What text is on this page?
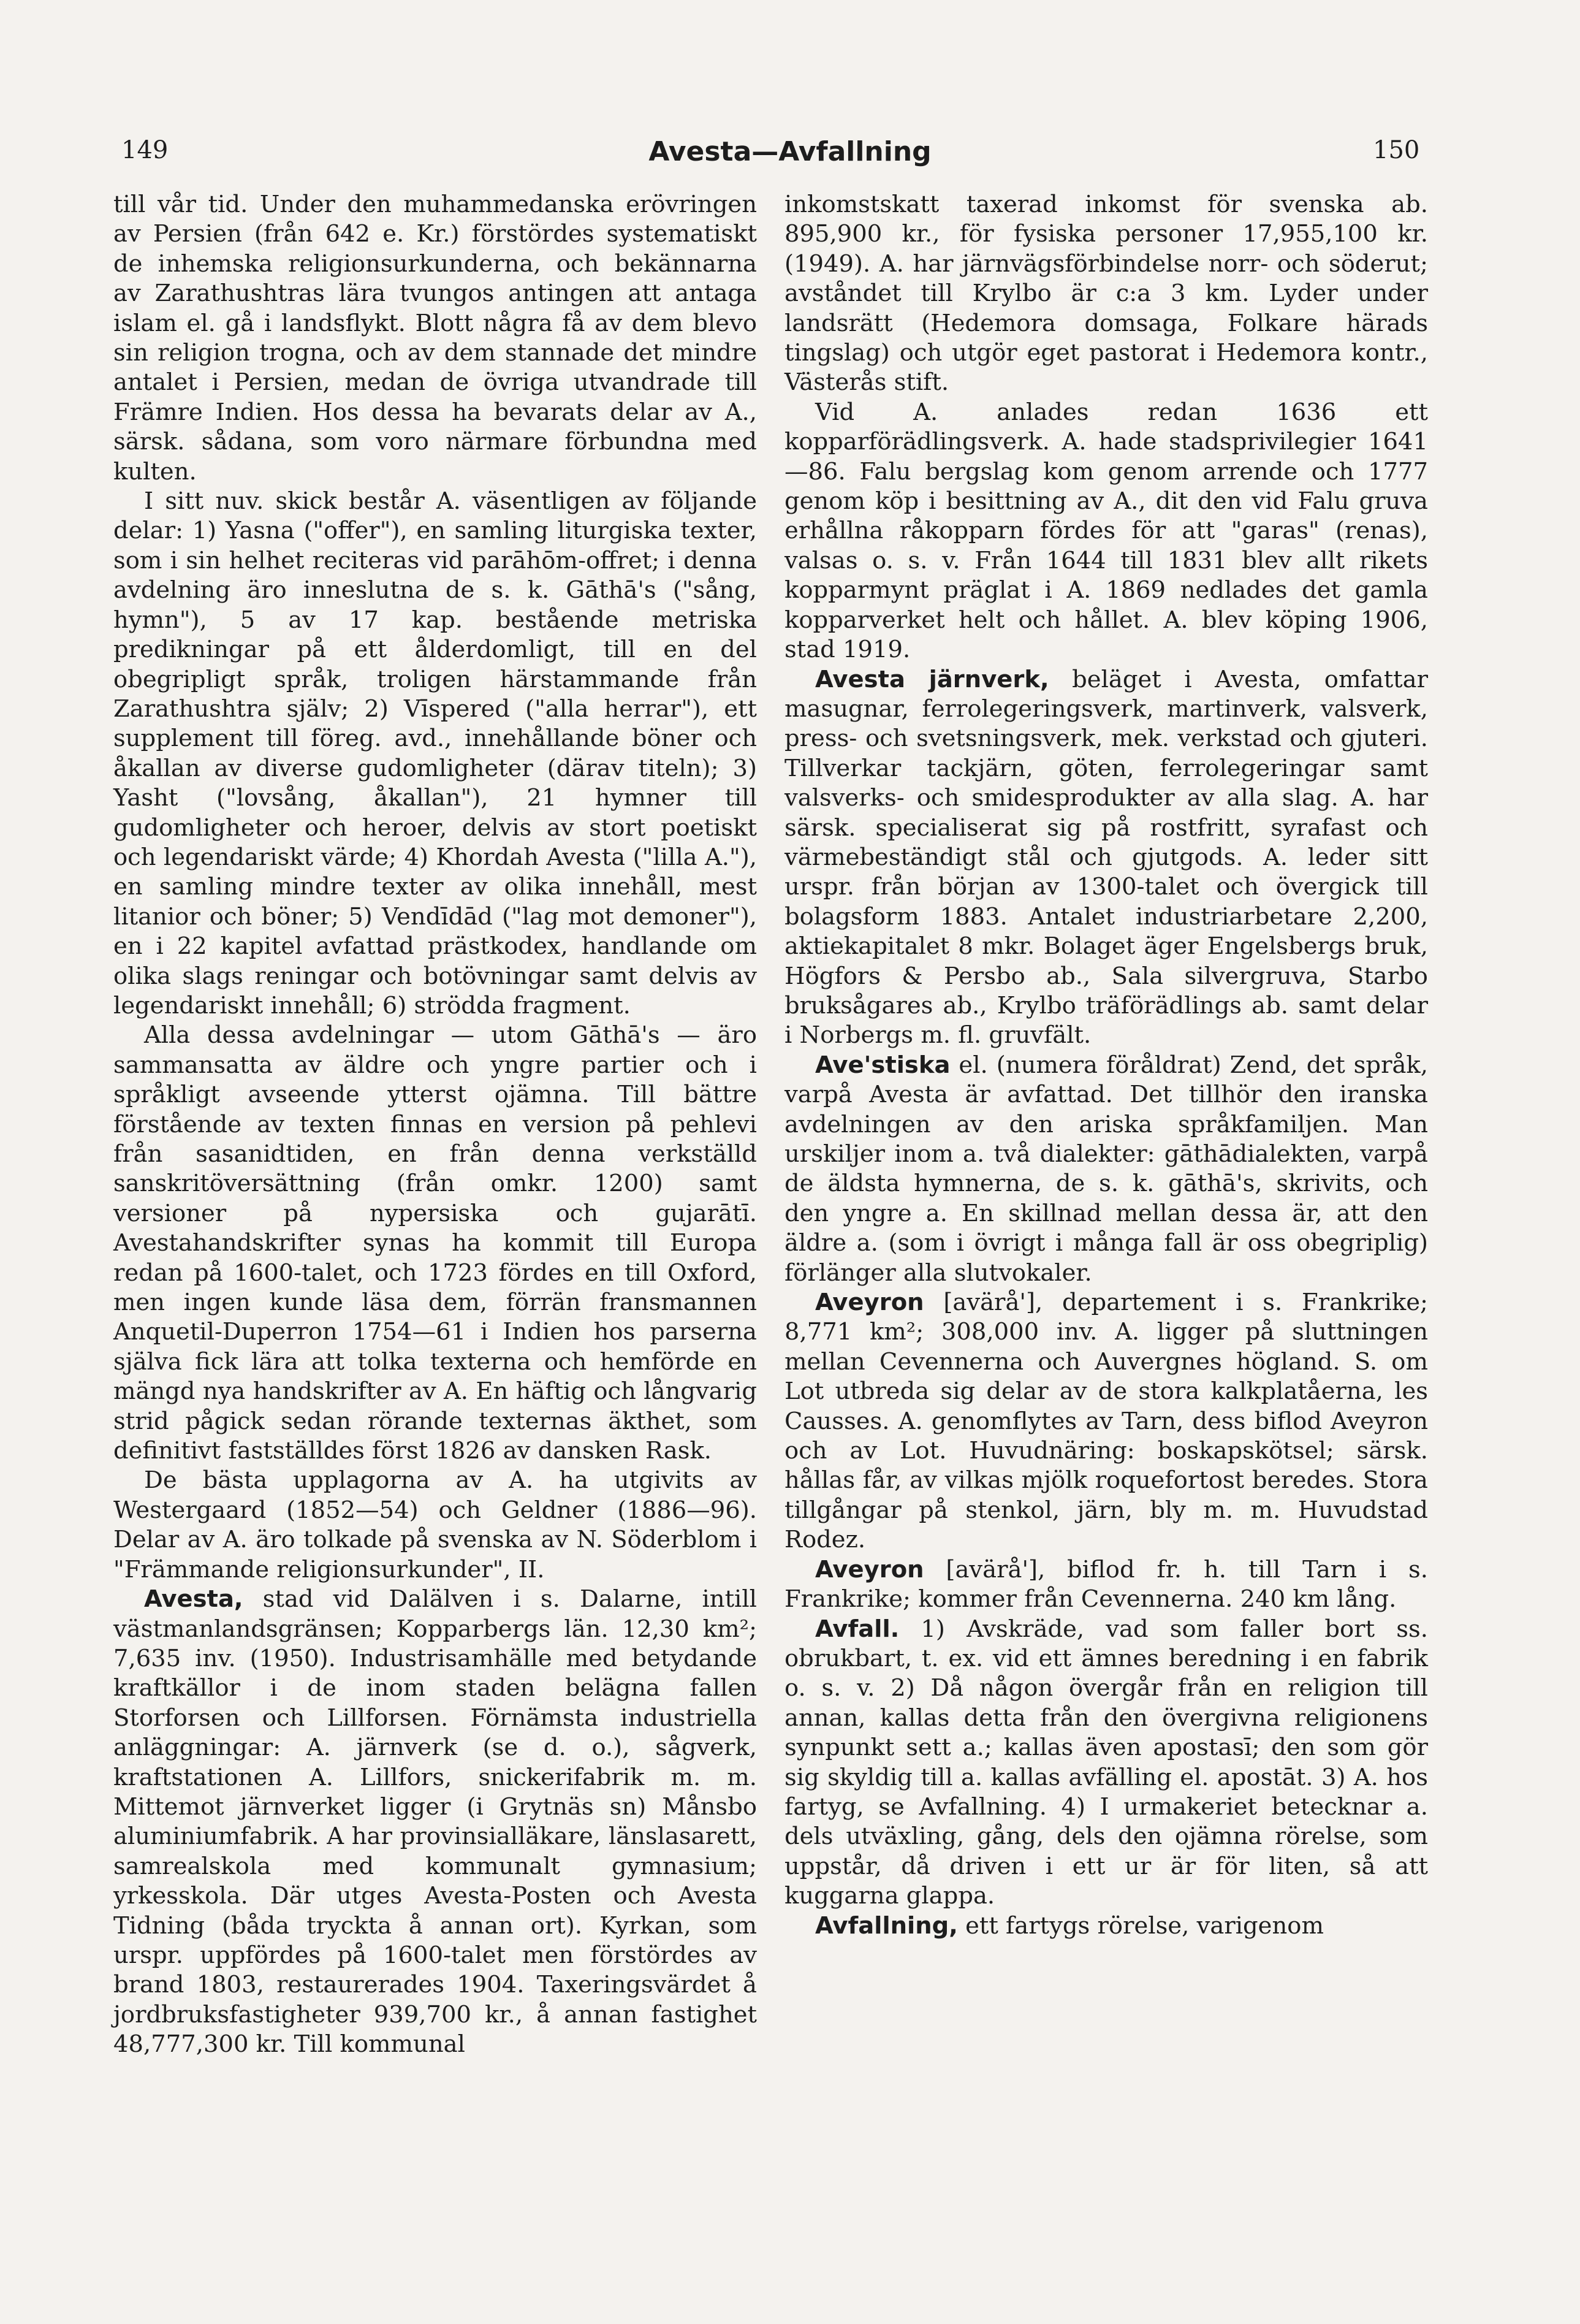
149	Avesta—Avfallning	150

till vår tid. Under den muhammedanska erövringen av Persien (från 642 e. Kr.) förstördes systematiskt de inhemska religionsurkunderna, och bekännarna av Zarathushtras lära tvungos antingen att antaga islam el. gå i landsflykt. Blott några få av dem blevo sin religion trogna, och av dem stannade det mindre antalet i Persien, medan de övriga utvandrade till Främre Indien. Hos dessa ha bevarats delar av A., särsk. sådana, som voro närmare förbundna med kulten.

I sitt nuv. skick består A. väsentligen av följande delar: 1) Yasna ("offer"), en samling liturgiska texter, som i sin helhet reciteras vid parāhōm-offret; i denna avdelning äro inneslutna de s. k. Gāthā's ("sång, hymn"), 5 av 17 kap. bestående metriska predikningar på ett ålderdomligt, till en del obegripligt språk, troligen härstammande från Zarathushtra själv; 2) Vīspered ("alla herrar"), ett supplement till föreg. avd., innehållande böner och åkallan av diverse gudomligheter (därav titeln); 3) Yasht ("lovsång, åkallan"), 21 hymner till gudomligheter och heroer, delvis av stort poetiskt och legendariskt värde; 4) Khordah Avesta ("lilla A."), en samling mindre texter av olika innehåll, mest litanior och böner; 5) Vendīdād ("lag mot demoner"), en i 22 kapitel avfattad prästkodex, handlande om olika slags reningar och botövningar samt delvis av legendariskt innehåll; 6) strödda fragment.

Alla dessa avdelningar — utom Gāthā's — äro sammansatta av äldre och yngre partier och i språkligt avseende ytterst ojämna. Till bättre förstående av texten finnas en version på pehlevi från sasanidtiden, en från denna verkställd sanskritöversättning (från omkr. 1200) samt versioner på nypersiska och gujarātī. Avestahandskrifter synas ha kommit till Europa redan på 1600-talet, och 1723 fördes en till Oxford, men ingen kunde läsa dem, förrän fransmannen Anquetil-Duperron 1754—61 i Indien hos parserna själva fick lära att tolka texterna och hemförde en mängd nya handskrifter av A. En häftig och långvarig strid pågick sedan rörande texternas äkthet, som definitivt fastställdes först 1826 av dansken Rask.

De bästa upplagorna av A. ha utgivits av Westergaard (1852—54) och Geldner (1886—96). Delar av A. äro tolkade på svenska av N. Söderblom i "Främmande religionsurkunder", II.

Avesta, stad vid Dalälven i s. Dalarne, intill västmanlandsgränsen; Kopparbergs län. 12,30 km²; 7,635 inv. (1950). Industrisamhälle med betydande kraftkällor i de inom staden belägna fallen Storforsen och Lillforsen. Förnämsta industriella anläggningar: A. järnverk (se d. o.), sågverk, kraftstationen A. Lillfors, snickerifabrik m. m. Mittemot järnverket ligger (i Grytnäs sn) Månsbo aluminiumfabrik. A har provinsialläkare, länslasarett, samrealskola med kommunalt gymnasium; yrkesskola. Där utges Avesta-Posten och Avesta Tidning (båda tryckta å annan ort). Kyrkan, som urspr. uppfördes på 1600-talet men förstördes av brand 1803, restaurerades 1904. Taxeringsvärdet å jordbruksfastigheter 939,700 kr., å annan fastighet 48,777,300 kr. Till kommunal

inkomstskatt taxerad inkomst för svenska ab. 895,900 kr., för fysiska personer 17,955,100 kr. (1949). A. har järnvägsförbindelse norr- och söderut; avståndet till Krylbo är c:a 3 km. Lyder under landsrätt (Hedemora domsaga, Folkare härads tingslag) och utgör eget pastorat i Hedemora kontr., Västerås stift.

Vid A. anlades redan 1636 ett kopparförädlingsverk. A. hade stadsprivilegier 1641—86. Falu bergslag kom genom arrende och 1777 genom köp i besittning av A., dit den vid Falu gruva erhållna råkopparn fördes för att "garas" (renas), valsas o. s. v. Från 1644 till 1831 blev allt rikets kopparmynt präglat i A. 1869 nedlades det gamla kopparverket helt och hållet. A. blev köping 1906, stad 1919.

Avesta järnverk, beläget i Avesta, omfattar masugnar, ferrolegeringsverk, martinverk, valsverk, press- och svetsningsverk, mek. verkstad och gjuteri. Tillverkar tackjärn, göten, ferrolegeringar samt valsverks- och smidesprodukter av alla slag. A. har särsk. specialiserat sig på rostfritt, syrafast och värmebeständigt stål och gjutgods. A. leder sitt urspr. från början av 1300-talet och övergick till bolagsform 1883. Antalet industriarbetare 2,200, aktiekapitalet 8 mkr. Bolaget äger Engelsbergs bruk, Högfors & Persbo ab., Sala silvergruva, Starbo bruksågares ab., Krylbo träförädlings ab. samt delar i Norbergs m. fl. gruvfält.

Ave'stiska el. (numera föråldrat) Zend, det språk, varpå Avesta är avfattad. Det tillhör den iranska avdelningen av den ariska språkfamiljen. Man urskiljer inom a. två dialekter: gāthādialekten, varpå de äldsta hymnerna, de s. k. gāthā's, skrivits, och den yngre a. En skillnad mellan dessa är, att den äldre a. (som i övrigt i många fall är oss obegriplig) förlänger alla slutvokaler.

Aveyron [avärå'], departement i s. Frankrike; 8,771 km²; 308,000 inv. A. ligger på sluttningen mellan Cevennerna och Auvergnes högland. S. om Lot utbreda sig delar av de stora kalkplatåerna, les Causses. A. genomflytes av Tarn, dess biflod Aveyron och av Lot. Huvudnäring: boskapskötsel; särsk. hållas får, av vilkas mjölk roquefortost beredes. Stora tillgångar på stenkol, järn, bly m. m. Huvudstad Rodez.

Aveyron [avärå'], biflod fr. h. till Tarn i s. Frankrike; kommer från Cevennerna. 240 km lång.

Avfall. 1) Avskräde, vad som faller bort ss. obrukbart, t. ex. vid ett ämnes beredning i en fabrik o. s. v. 2) Då någon övergår från en religion till annan, kallas detta från den övergivna religionens synpunkt sett a.; kallas även apostasī; den som gör sig skyldig till a. kallas avfälling el. apostāt. 3) A. hos fartyg, se Avfallning. 4) I urmakeriet betecknar a. dels utväxling, gång, dels den ojämna rörelse, som uppstår, då driven i ett ur är för liten, så att kuggarna glappa.

Avfallning, ett fartygs rörelse, varigenom
